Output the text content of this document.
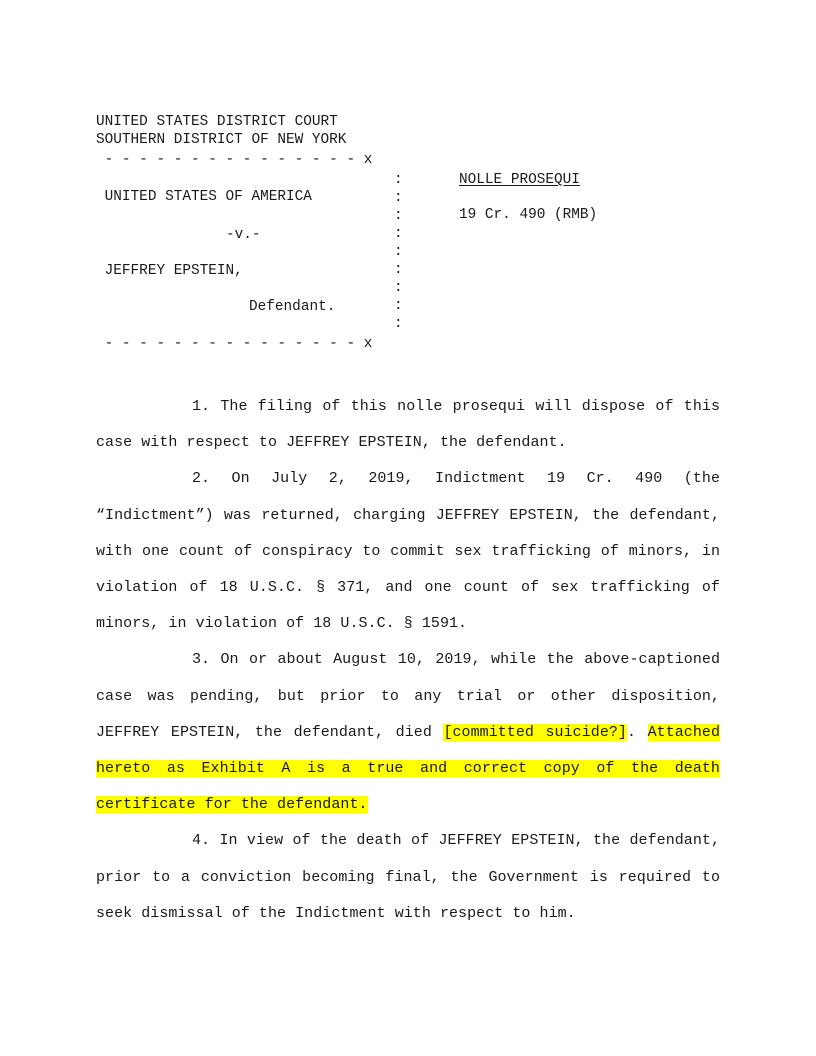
UNITED STATES DISTRICT COURT

SOUTHERN DISTRICT OF NEW YORK

- - - - - - - - - - - - - - - x

UNITED STATES OF AMERICA

-v.-

JEFFREY EPSTEIN,

Defendant.

- - - - - - - - - - - - - - - x

:

:

:

:

:

:

:

:

:

NOLLE PROSEQUI

19 Cr. 490 (RMB)

1. The filing of this nolle prosequi will dispose of this case with respect to JEFFREY EPSTEIN, the defendant.

2. On July 2, 2019, Indictment 19 Cr. 490 (the “Indictment”) was returned, charging JEFFREY EPSTEIN, the defendant, with one count of conspiracy to commit sex trafficking of minors, in violation of 18 U.S.C. § 371, and one count of sex trafficking of minors, in violation of 18 U.S.C. § 1591.

3. On or about August 10, 2019, while the above-captioned case was pending, but prior to any trial or other disposition, JEFFREY EPSTEIN, the defendant, died [committed suicide?]. Attached hereto as Exhibit A is a true and correct copy of the death certificate for the defendant.

4. In view of the death of JEFFREY EPSTEIN, the defendant, prior to a conviction becoming final, the Government is required to seek dismissal of the Indictment with respect to him.
